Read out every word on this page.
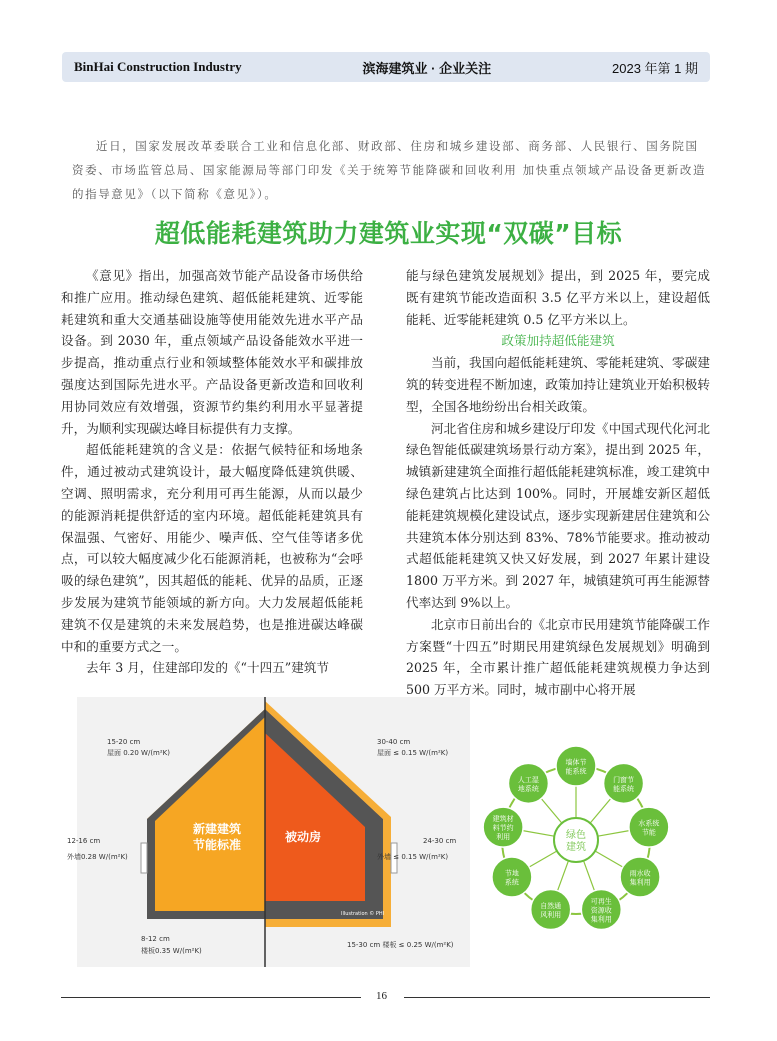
BinHai Construction Industry	滨海建筑业 · 企业关注	2023 年第 1 期

近日，国家发展改革委联合工业和信息化部、财政部、住房和城乡建设部、商务部、人民银行、国务院国资委、市场监管总局、国家能源局等部门印发《关于统筹节能降碳和回收利用 加快重点领域产品设备更新改造的指导意见》（以下简称《意见》）。

超低能耗建筑助力建筑业实现“双碳”目标

《意见》指出，加强高效节能产品设备市场供给和推广应用。推动绿色建筑、超低能耗建筑、近零能耗建筑和重大交通基础设施等使用能效先进水平产品设备。到 2030 年，重点领域产品设备能效水平进一步提高，推动重点行业和领域整体能效水平和碳排放强度达到国际先进水平。产品设备更新改造和回收利用协同效应有效增强，资源节约集约利用水平显著提升，为顺利实现碳达峰目标提供有力支撑。

超低能耗建筑的含义是：依据气候特征和场地条件，通过被动式建筑设计，最大幅度降低建筑供暖、空调、照明需求，充分利用可再生能源，从而以最少的能源消耗提供舒适的室内环境。超低能耗建筑具有保温强、气密好、用能少、噪声低、空气佳等诸多优点，可以较大幅度减少化石能源消耗，也被称为“会呼吸的绿色建筑”，因其超低的能耗、优异的品质，正逐步发展为建筑节能领域的新方向。大力发展超低能耗建筑不仅是建筑的未来发展趋势，也是推进碳达峰碳中和的重要方式之一。

去年 3 月，住建部印发的《“十四五”建筑节

能与绿色建筑发展规划》提出，到 2025 年，要完成既有建筑节能改造面积 3.5 亿平方米以上，建设超低能耗、近零能耗建筑 0.5 亿平方米以上。

政策加持超低能建筑

当前，我国向超低能耗建筑、零能耗建筑、零碳建筑的转变进程不断加速，政策加持让建筑业开始积极转型，全国各地纷纷出台相关政策。

河北省住房和城乡建设厅印发《中国式现代化河北绿色智能低碳建筑场景行动方案》，提出到 2025 年，城镇新建建筑全面推行超低能耗建筑标准，竣工建筑中绿色建筑占比达到 100%。同时，开展雄安新区超低能耗建筑规模化建设试点，逐步实现新建居住建筑和公共建筑本体分别达到 83%、78%节能要求。推动被动式超低能耗建筑又快又好发展，到 2027 年累计建设 1800 万平方米。到 2027 年，城镇建筑可再生能源替代率达到 9%以上。

北京市日前出台的《北京市民用建筑节能降碳工作方案暨“十四五”时期民用建筑绿色发展规划》明确到 2025 年，全市累计推广超低能耗建筑规模力争达到 500 万平方米。同时，城市副中心将开展

新建建筑
节能标准
被动房
15-20 cm
屋面 0.20 W/(m²K)
30-40 cm
屋面 ≤ 0.15 W/(m²K)
12-16 cm
外墙0.28 W/(m²K)
24-30 cm
外墙 ≤ 0.15 W/(m²K)
8-12 cm
楼板0.35 W/(m²K)
15-30 cm 楼板 ≤ 0.25 W/(m²K)
Illustration © PHI
墙体节
能系统
门窗节
能系统
水系统
节能
雨水收
集利用
可再生
资源收
集利用
自然通
风利用
节地
系统
建筑材
料节约
利用
人工湿
地系统
绿色
建筑
16
